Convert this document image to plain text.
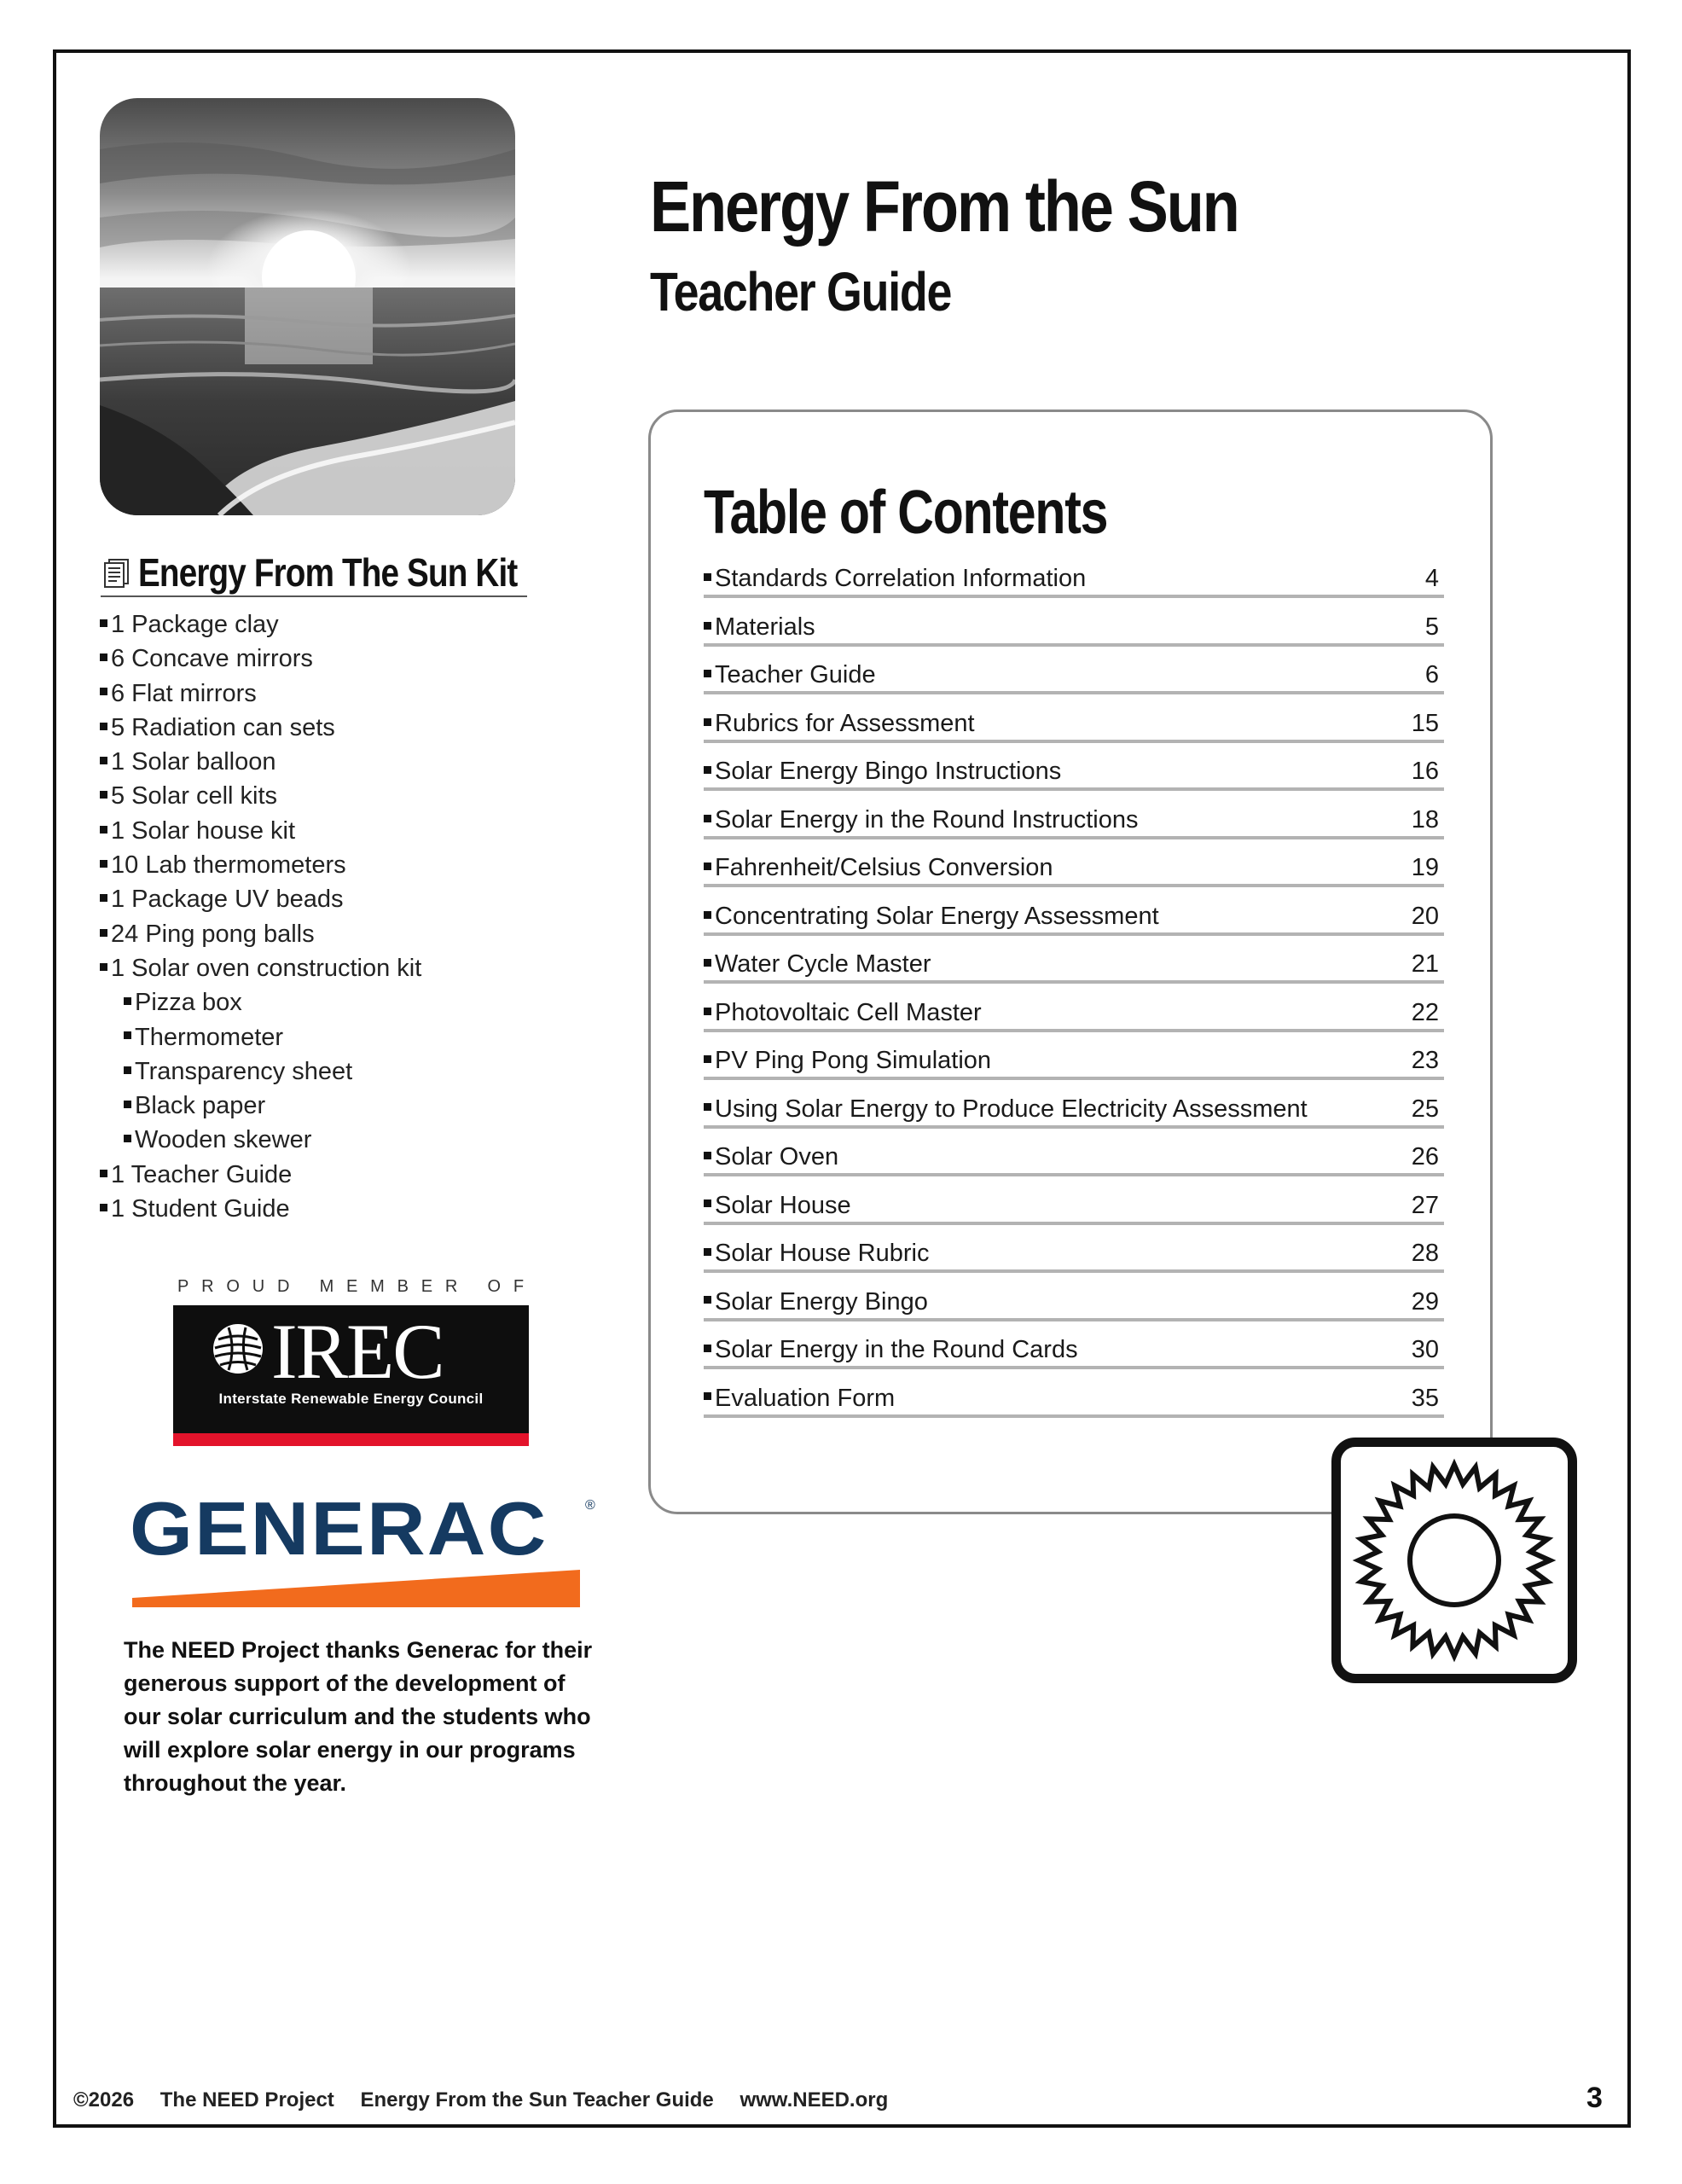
Energy From the Sun
Teacher Guide
Energy From The Sun Kit
1 Package clay
6 Concave mirrors
6 Flat mirrors
5 Radiation can sets
1 Solar balloon
5 Solar cell kits
1 Solar house kit
10 Lab thermometers
1 Package UV beads
24 Ping pong balls
1 Solar oven construction kit
Pizza box
Thermometer
Transparency sheet
Black paper
Wooden skewer
1 Teacher Guide
1 Student Guide
PROUD MEMBER OF
IREC
Interstate Renewable Energy Council
GENERAC	®

The NEED Project thanks Generac for their generous support of the development of our solar curriculum and the students who will explore solar energy in our programs throughout the year.

Table of Contents
Standards Correlation Information	4
Materials	5
Teacher Guide	6
Rubrics for Assessment	15
Solar Energy Bingo Instructions	16
Solar Energy in the Round Instructions	18
Fahrenheit/Celsius Conversion	19
Concentrating Solar Energy Assessment	20
Water Cycle Master	21
Photovoltaic Cell Master	22
PV Ping Pong Simulation	23
Using Solar Energy to Produce Electricity Assessment	25
Solar Oven	26
Solar House	27
Solar House Rubric	28
Solar Energy Bingo	29
Solar Energy in the Round Cards	30
Evaluation Form	35
©2026 The NEED Project Energy From the Sun Teacher Guide www.NEED.org	3
